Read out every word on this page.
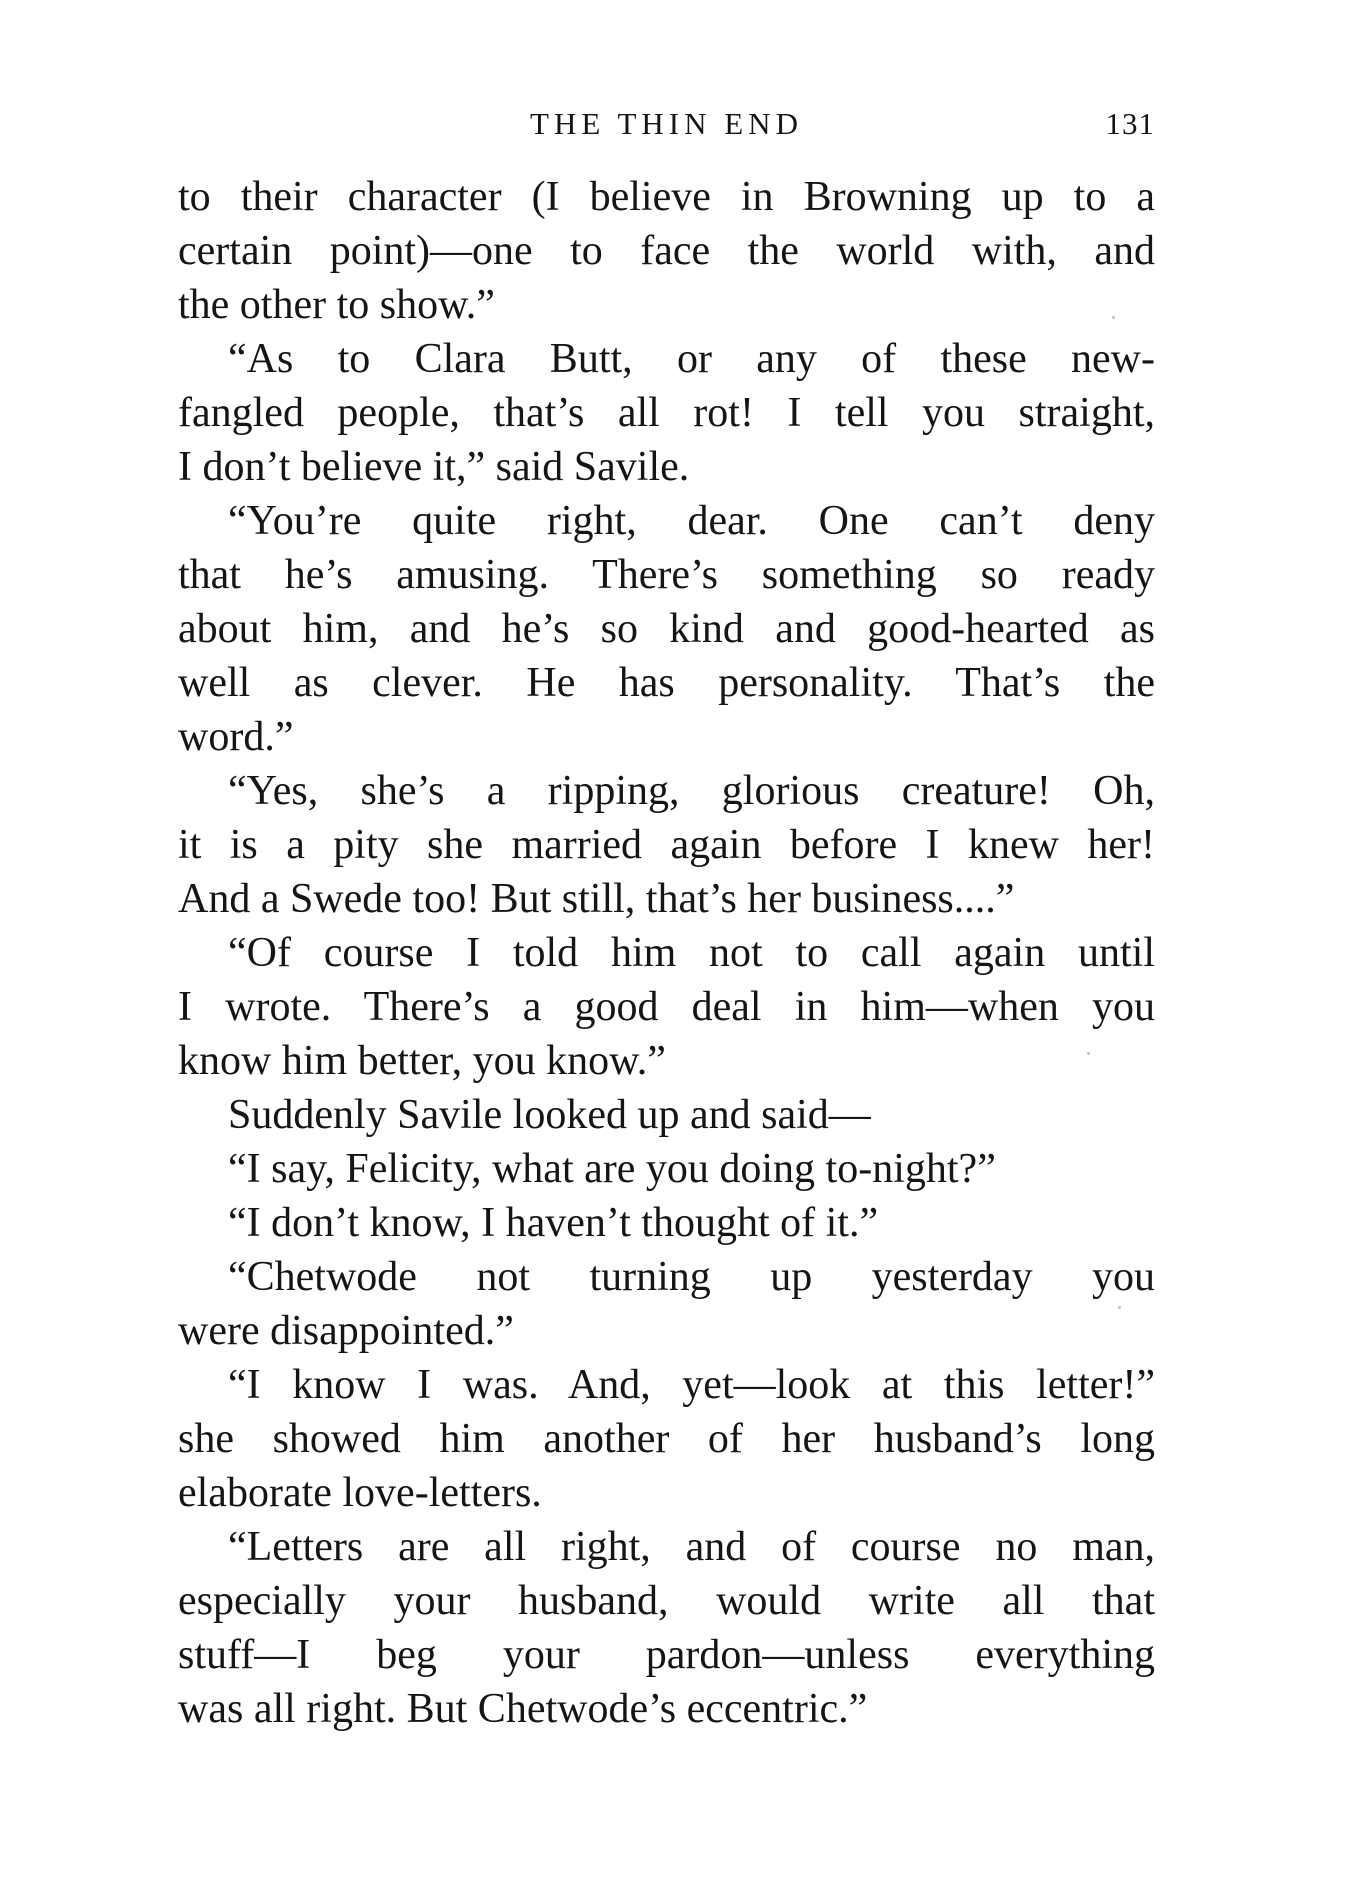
THE THIN END	131
to their character (I believe in Browning up to a
certain point)—one to face the world with, and
the other to show.”
“As to Clara Butt, or any of these new-
fangled people, that’s all rot! I tell you straight,
I don’t believe it,” said Savile.
“You’re quite right, dear. One can’t deny
that he’s amusing. There’s something so ready
about him, and he’s so kind and good-hearted as
well as clever. He has personality. That’s the
word.”
“Yes, she’s a ripping, glorious creature! Oh,
it is a pity she married again before I knew her!
And a Swede too! But still, that’s her business....”
“Of course I told him not to call again until
I wrote. There’s a good deal in him—when you
know him better, you know.”
Suddenly Savile looked up and said—
“I say, Felicity, what are you doing to-night?”
“I don’t know, I haven’t thought of it.”
“Chetwode not turning up yesterday you
were disappointed.”
“I know I was. And, yet—look at this letter!”
she showed him another of her husband’s long
elaborate love-letters.
“Letters are all right, and of course no man,
especially your husband, would write all that
stuff—I beg your pardon—unless everything
was all right. But Chetwode’s eccentric.”
